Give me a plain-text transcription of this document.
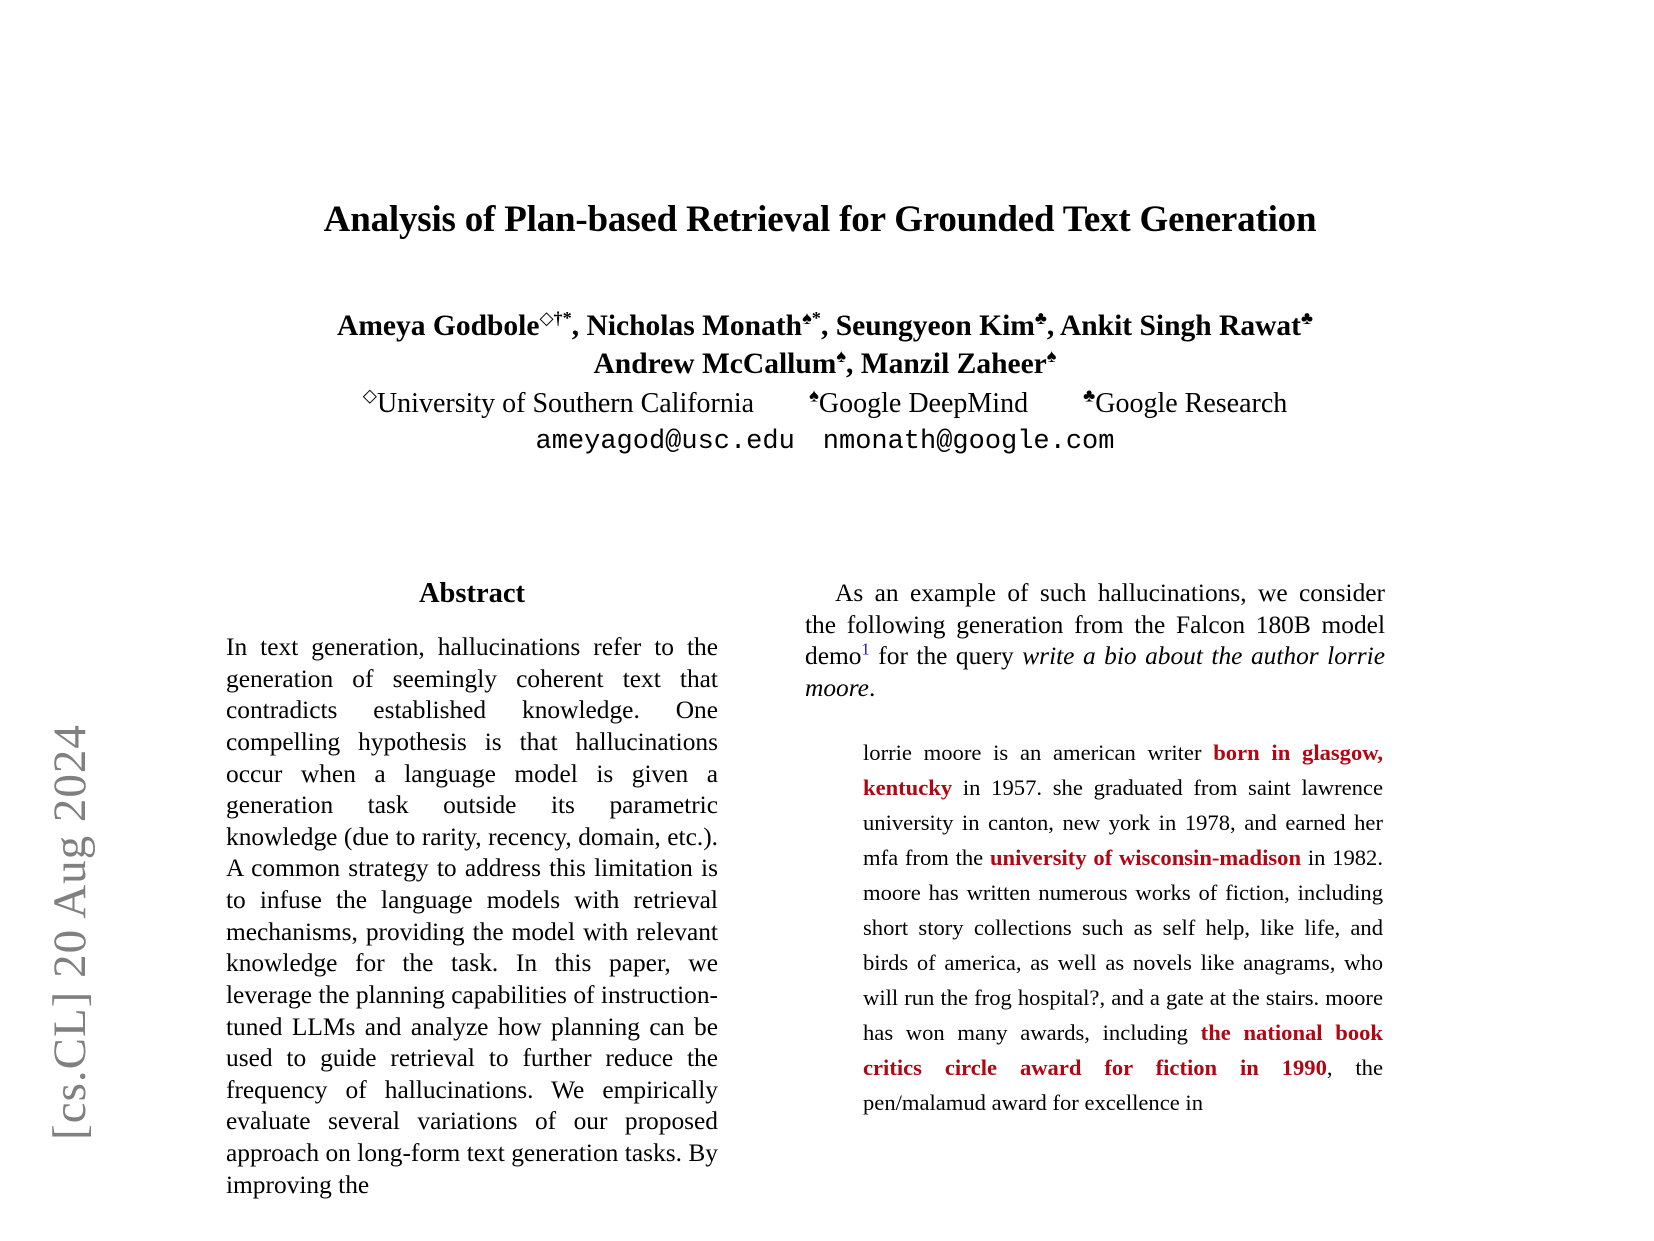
[cs.CL] 20 Aug 2024
Analysis of Plan-based Retrieval for Grounded Text Generation
Ameya Godbole◇†*, Nicholas Monath♠*, Seungyeon Kim♣, Ankit Singh Rawat♣
Andrew McCallum♠, Manzil Zaheer♠
◇University of Southern California	♠Google DeepMind	♣Google Research
ameyagod@usc.edu nmonath@google.com
Abstract

In text generation, hallucinations refer to the generation of seemingly coherent text that contradicts established knowledge. One compelling hypothesis is that hallucinations occur when a language model is given a generation task outside its parametric knowledge (due to rarity, recency, domain, etc.). A common strategy to address this limitation is to infuse the language models with retrieval mechanisms, providing the model with relevant knowledge for the task. In this paper, we leverage the planning capabilities of instruction-tuned LLMs and analyze how planning can be used to guide retrieval to further reduce the frequency of hallucinations. We empirically evaluate several variations of our proposed approach on long-form text generation tasks. By improving the

As an example of such hallucinations, we consider the following generation from the Falcon 180B model demo$^1$ for the query write a bio about the author lorrie moore.

lorrie moore is an american writer born in glasgow, kentucky in 1957. she graduated from saint lawrence university in canton, new york in 1978, and earned her mfa from the university of wisconsin-madison in 1982. moore has written numerous works of fiction, including short story collections such as self help, like life, and birds of america, as well as novels like anagrams, who will run the frog hospital?, and a gate at the stairs. moore has won many awards, including the national book critics circle award for fiction in 1990, the pen/malamud award for excellence in
